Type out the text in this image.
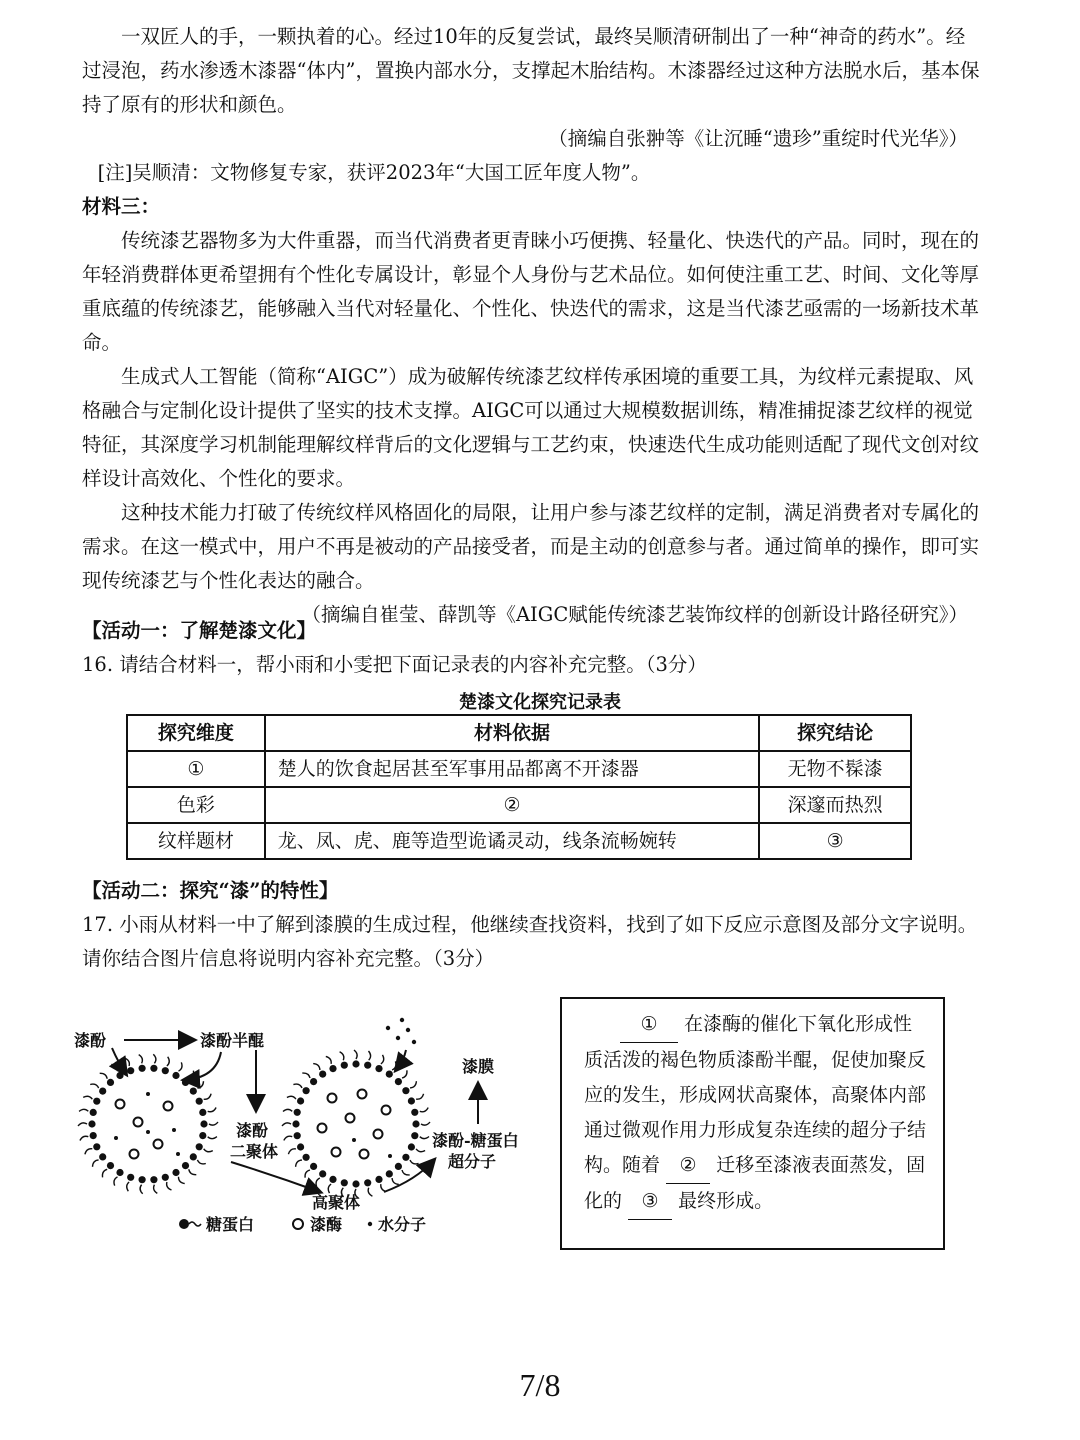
一双匠人的手，一颗执着的心。经过10年的反复尝试，最终吴顺清研制出了一种“神奇的药水”。经过浸泡，药水渗透木漆器“体内”，置换内部水分，支撑起木胎结构。木漆器经过这种方法脱水后，基本保持了原有的形状和颜色。

（摘编自张翀等《让沉睡“遗珍”重绽时代光华》）

[注]吴顺清：文物修复专家，获评2023年“大国工匠年度人物”。

材料三：

传统漆艺器物多为大件重器，而当代消费者更青睐小巧便携、轻量化、快迭代的产品。同时，现在的年轻消费群体更希望拥有个性化专属设计，彰显个人身份与艺术品位。如何使注重工艺、时间、文化等厚重底蕴的传统漆艺，能够融入当代对轻量化、个性化、快迭代的需求，这是当代漆艺亟需的一场新技术革命。

生成式人工智能（简称“AIGC”）成为破解传统漆艺纹样传承困境的重要工具，为纹样元素提取、风格融合与定制化设计提供了坚实的技术支撑。AIGC可以通过大规模数据训练，精准捕捉漆艺纹样的视觉特征，其深度学习机制能理解纹样背后的文化逻辑与工艺约束，快速迭代生成功能则适配了现代文创对纹样设计高效化、个性化的要求。

这种技术能力打破了传统纹样风格固化的局限，让用户参与漆艺纹样的定制，满足消费者对专属化的需求。在这一模式中，用户不再是被动的产品接受者，而是主动的创意参与者。通过简单的操作，即可实现传统漆艺与个性化表达的融合。

（摘编自崔莹、薛凯等《AIGC赋能传统漆艺装饰纹样的创新设计路径研究》）

【活动一：了解楚漆文化】

16. 请结合材料一，帮小雨和小雯把下面记录表的内容补充完整。（3分）

楚漆文化探究记录表
探究维度	材料依据	探究结论
①	楚人的饮食起居甚至军事用品都离不开漆器	无物不髹漆
色彩	②	深邃而热烈
纹样题材	龙、凤、虎、鹿等造型诡谲灵动，线条流畅婉转	③

【活动二：探究“漆”的特性】

17. 小雨从材料一中了解到漆膜的生成过程，他继续查找资料，找到了如下反应示意图及部分文字说明。请你结合图片信息将说明内容补充完整。（3分）

漆酚	漆酚半醌
漆酚
二聚体
高聚体
漆膜
漆酚-糖蛋白
超分子
糖蛋白	漆酶 水分子
① 在漆酶的催化下氧化形成性质活泼的褐色物质漆酚半醌，促使加聚反应的发生，形成网状高聚体，高聚体内部通过微观作用力形成复杂连续的超分子结构。随着 ② 迁移至漆液表面蒸发，固化的 ③ 最终形成。
7/8
